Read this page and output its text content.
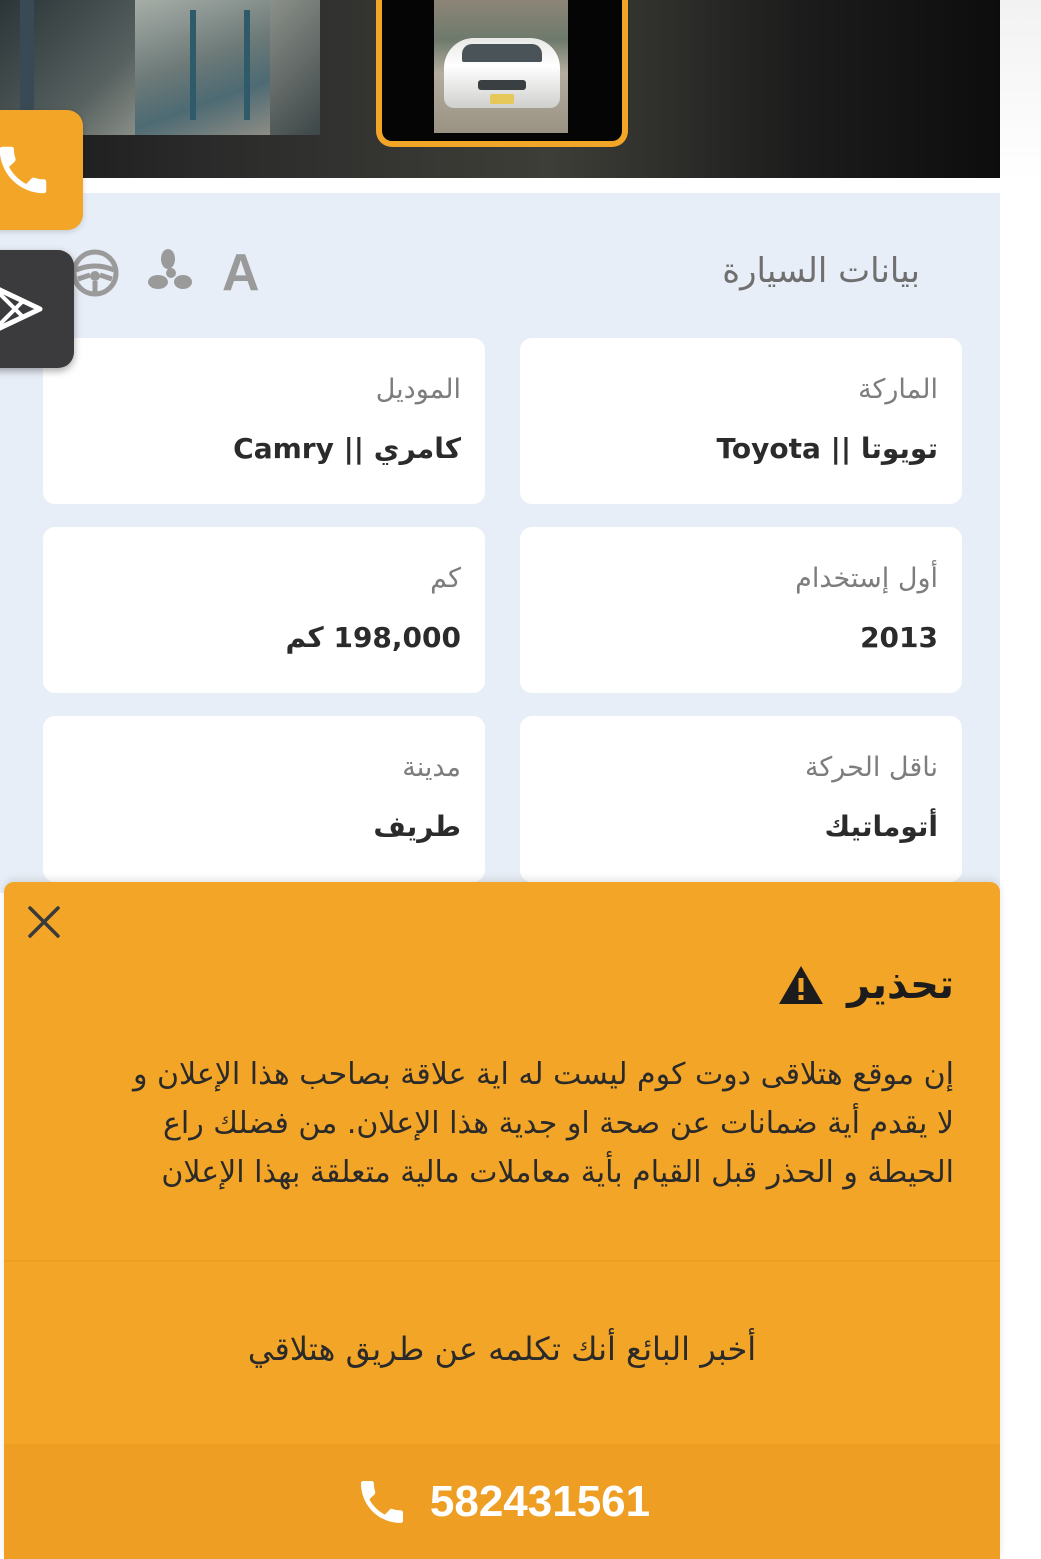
بيانات السيارة
A
الماركة
تويوتا || Toyota
الموديل
كامري || Camry
أول إستخدام
2013
كم
198,000 كم
ناقل الحركة
أتوماتيك
مدينة
طريف
تحذير
إن موقع هتلاقى دوت كوم ليست له اية علاقة بصاحب هذا الإعلان و
لا يقدم أية ضمانات عن صحة او جدية هذا الإعلان. من فضلك راع
الحيطة و الحذر قبل القيام بأية معاملات مالية متعلقة بهذا الإعلان
أخبر البائع أنك تكلمه عن طريق هتلاقي
582431561
